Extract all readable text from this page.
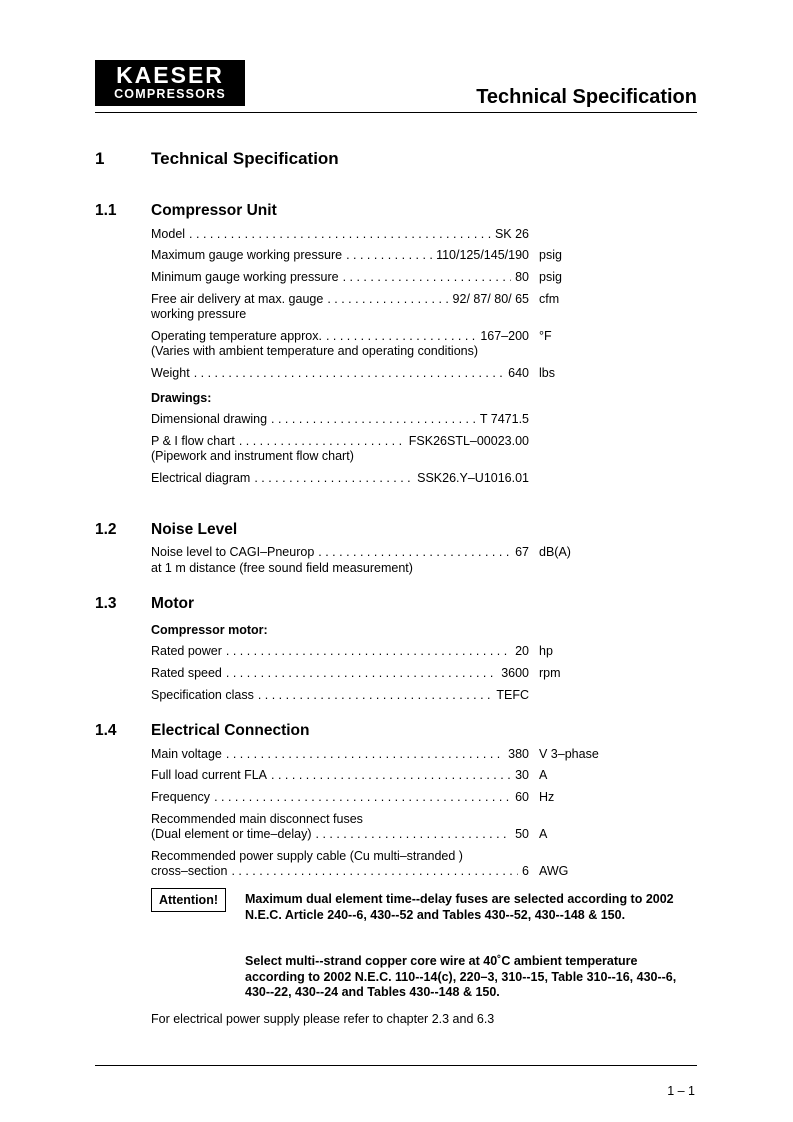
KAESER
COMPRESSORS	Technical Specification
1	Technical Specification
1.1 Compressor Unit
Model . . .	SK 26
Maximum gauge working pressure . . .	110/125/145/190 psig
Minimum gauge working pressure . . .	80 psig
Free air delivery at max. gauge . . .	92/ 87/ 80/ 65 cfm
working pressure
Operating temperature approx. . . .	167–200 °F
(Varies with ambient temperature and operating conditions)
Weight . . .	640 lbs
Drawings:
Dimensional drawing . . .	T 7471.5
P & I flow chart . . .	FSK26STL–00023.00
(Pipework and instrument flow chart)
Electrical diagram . . .	SSK26.Y–U1016.01
1.2 Noise Level
Noise level to CAGI–Pneurop . . .	67 dB(A)
at 1 m distance (free sound field measurement)
1.3 Motor
Compressor motor:
Rated power . . .	20 hp
Rated speed . . .	3600 rpm
Specification class . . .	TEFC
1.4 Electrical Connection
Main voltage . . .	380 V 3–phase
Full load current FLA . . .	30 A
Frequency . . .	60 Hz
Recommended main disconnect fuses
(Dual element or time–delay) . . .	50 A
Recommended power supply cable (Cu multi–stranded )
cross–section . . .	6 AWG
Attention!	Maximum dual element time--delay fuses are selected according to 2002 N.E.C. Article 240--6, 430--52 and Tables 430--52, 430--148 & 150.
Select multi--strand copper core wire at 40˚C ambient temperature according to 2002 N.E.C. 110--14(c), 220–3, 310--15, Table 310--16, 430--6, 430--22, 430--24 and Tables 430--148 & 150.
For electrical power supply please refer to chapter 2.3 and 6.3
1 – 1
